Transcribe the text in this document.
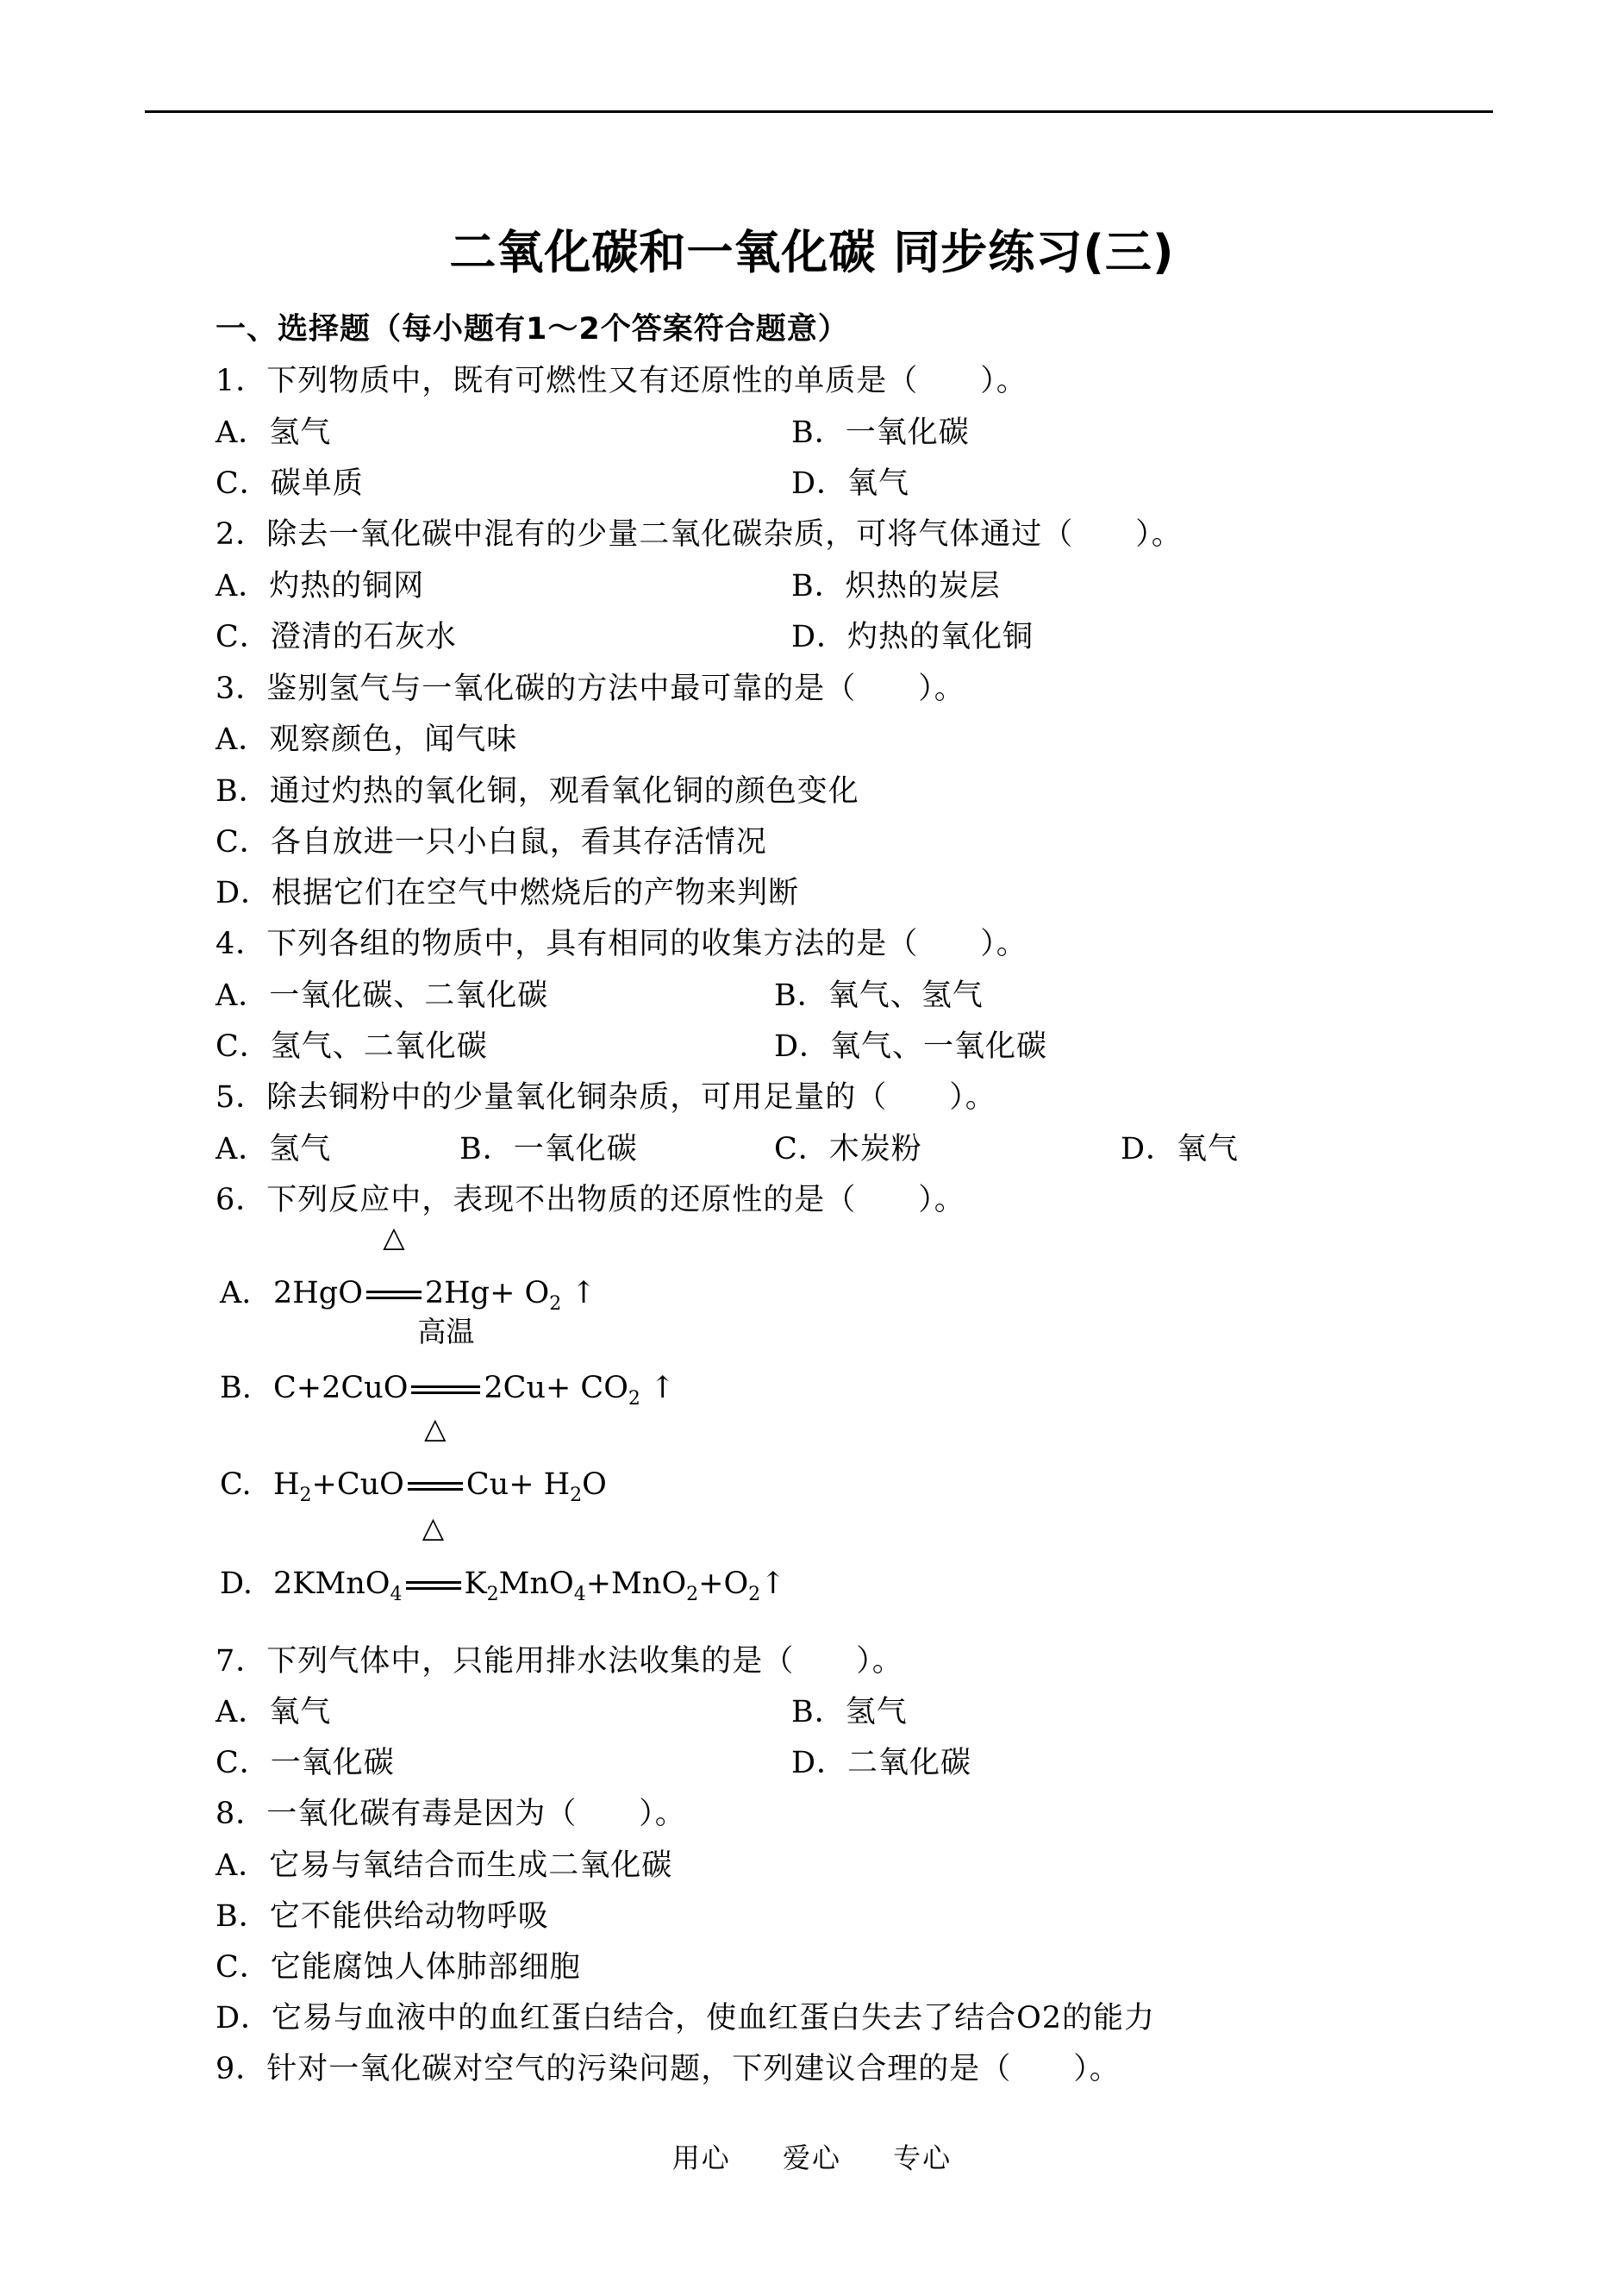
二氧化碳和一氧化碳 同步练习(三)
一、选择题（每小题有1～2个答案符合题意）
1．下列物质中，既有可燃性又有还原性的单质是（　　）。
A．氢气	B．一氧化碳
C．碳单质	D．氧气
2．除去一氧化碳中混有的少量二氧化碳杂质，可将气体通过（　　）。
A．灼热的铜网	B．炽热的炭层
C．澄清的石灰水	D．灼热的氧化铜
3．鉴别氢气与一氧化碳的方法中最可靠的是（　　）。
A．观察颜色，闻气味
B．通过灼热的氧化铜，观看氧化铜的颜色变化
C．各自放进一只小白鼠，看其存活情况
D．根据它们在空气中燃烧后的产物来判断
4．下列各组的物质中，具有相同的收集方法的是（　　）。
A．一氧化碳、二氧化碳	B．氧气、氢气
C．氢气、二氧化碳	D．氧气、一氧化碳
5．除去铜粉中的少量氧化铜杂质，可用足量的（　　）。
A．氢气	B．一氧化碳	C．木炭粉	D．氧气
6．下列反应中，表现不出物质的还原性的是（　　）。
A. 2HgO
△
$2Hg+ O_2$ ↑
B. C+2CuO
高温
$2Cu+ CO_2$ ↑
C. $H_2+CuO$
△
$Cu+ H_2O$
D. 2KMnO$_4$
△
$K_2MnO_4+MnO_2+O_2↑$
7．下列气体中，只能用排水法收集的是（　　）。
A．氧气	B．氢气
C．一氧化碳	D．二氧化碳
8．一氧化碳有毒是因为（　　）。
A．它易与氧结合而生成二氧化碳
B．它不能供给动物呼吸
C．它能腐蚀人体肺部细胞
D．它易与血液中的血红蛋白结合，使血红蛋白失去了结合O2的能力
9．针对一氧化碳对空气的污染问题，下列建议合理的是（　　）。
用心 爱心 专心
